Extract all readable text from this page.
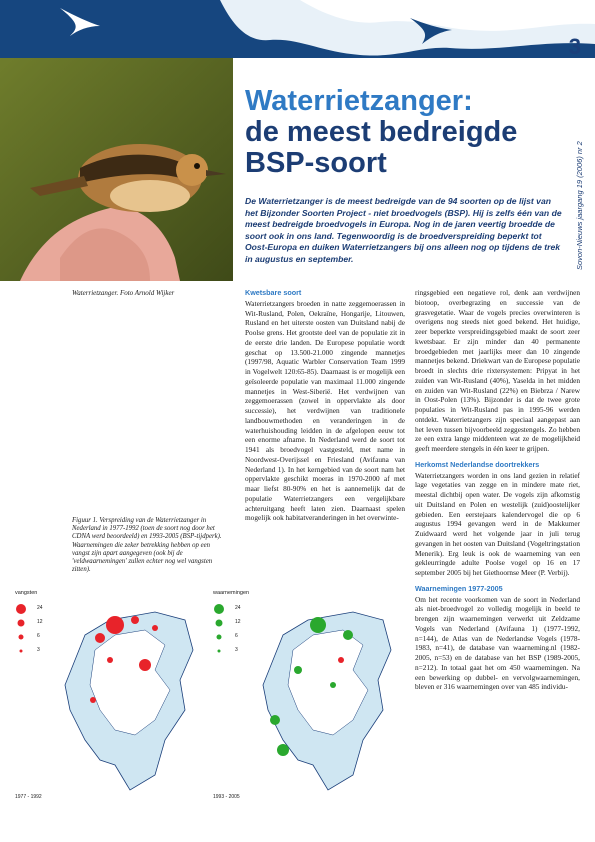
3
Waterrietzanger:
de meest bedreigde
BSP-soort	Sovon-Nieuws jaargang 19 (2006) nr 2
De Waterrietzanger is de meest bedreigde van de 94 soorten op de lijst van het Bijzonder Soorten Project - niet broedvogels (BSP). Hij is zelfs één van de meest bedreigde broedvogels in Europa. Nog in de jaren veertig broedde de soort ook in ons land. Tegenwoordig is de broedverspreiding beperkt tot Oost-Europa en duiken Waterrietzangers bij ons alleen nog op tijdens de trek in augustus en september.
Waterrietzanger. Foto Arnold Wijker
Figuur 1. Verspreiding van de Waterrietzanger in Nederland in 1977-1992 (toen de soort nog door het CDNA werd beoordeeld) en 1993-2005 (BSP-tijdperk). Waarnemingen die zeker betrekking hebben op een vangst zijn apart aangegeven (ook bij de 'veldwaarnemingen' zullen echter nog wel vangsten zitten).
Kwetsbare soort

Waterrietzangers broeden in natte zeggemoerassen in Wit-Rusland, Polen, Oekraïne, Hongarije, Litouwen, Rusland en het uiterste oosten van Duitsland nabij de Poolse grens. Het grootste deel van de populatie zit in de eerste drie landen. De Europese populatie wordt geschat op 13.500-21.000 zingende mannetjes (1997/98, Aquatic Warbler Conservation Team 1999 in Vogelwelt 120:65-85). Daarnaast is er mogelijk een geïsoleerde populatie van maximaal 11.000 zingende mannetjes in West-Siberië. Het verdwijnen van zeggemoerassen (zowel in oppervlakte als door successie), het verdwijnen van traditionele landbouwmethoden en veranderingen in de waterhuishouding leidden in de afgelopen eeuw tot een enorme afname. In Nederland werd de soort tot 1941 als broedvogel vastgesteld, met name in Noordwest-Overijssel en Friesland (Avifauna van Nederland 1). In het kerngebied van de soort nam het oppervlakte geschikt moeras in 1970-2000 af met maar liefst 80-90% en het is aannemelijk dat de populatie Waterrietzangers een vergelijkbare achteruitgang heeft laten zien. Daarnaast spelen mogelijk ook habitatveranderingen in het overwinte-

ringsgebied een negatieve rol, denk aan verdwijnen biotoop, overbegrazing en successie van de grasvegetatie. Waar de vogels precies overwinteren is overigens nog steeds niet goed bekend. Het huidige, zeer beperkte verspreidingsgebied maakt de soort zeer kwetsbaar. Er zijn minder dan 40 permanente broedgebieden met jaarlijks meer dan 10 zingende mannetjes bekend. Driekwart van de Europese populatie broedt in slechts drie rixtersystemen: Pripyat in het zuiden van Wit-Rusland (40%), Yaselda in het midden en zuiden van Wit-Rusland (22%) en Biebrza / Narew in Oost-Polen (13%). Bijzonder is dat de twee grote populaties in Wit-Rusland pas in 1995-96 werden ontdekt. Waterrietzangers zijn speciaal aangepast aan het leven tussen bijvoorbeeld zeggestengels. Zo hebben ze een extra lange middenteen wat ze de mogelijkheid geeft meerdere stengels in één keer te grijpen.

Herkomst Nederlandse doortrekkers

Waterrietzangers worden in ons land gezien in relatief lage vegetaties van zegge en in mindere mate riet, meestal dichtbij open water. De vogels zijn afkomstig uit Duitsland en Polen en westelijk (zuid)oostelijker gebieden. Een eerstejaars kalendervogel die op 6 augustus 1994 gevangen werd in de Makkumer Zuidwaard werd het volgende jaar in juli terug gevangen in het oosten van Duitsland (Vogeltringstation Menerik). Erg leuk is ook de waarneming van een gekleurringde adulte Poolse vogel op 16 en 17 september 2005 bij het Giethoornse Meer (P. Verbij).

Waarnemingen 1977-2005

Om het recente voorkomen van de soort in Nederland als niet-broedvogel zo volledig mogelijk in beeld te brengen zijn waarnemingen verwerkt uit Zeldzame Vogels van Nederland (Avifauna 1) (1977-1992, n=144), de Atlas van de Nederlandse Vogels (1978-1983, n=41), de database van waarneming.nl (1982-2005, n=53) en de database van het BSP (1989-2005, n=212). In totaal gaat het om 450 waarnemingen. Na een bewerking op dubbel- en vervolgwaarnemingen, bleven er 316 waarnemingen over van 485 individu-

vangsten
24
12
6
3
1977 - 1992
waarnemingen
24
12
6
3
1993 - 2005
